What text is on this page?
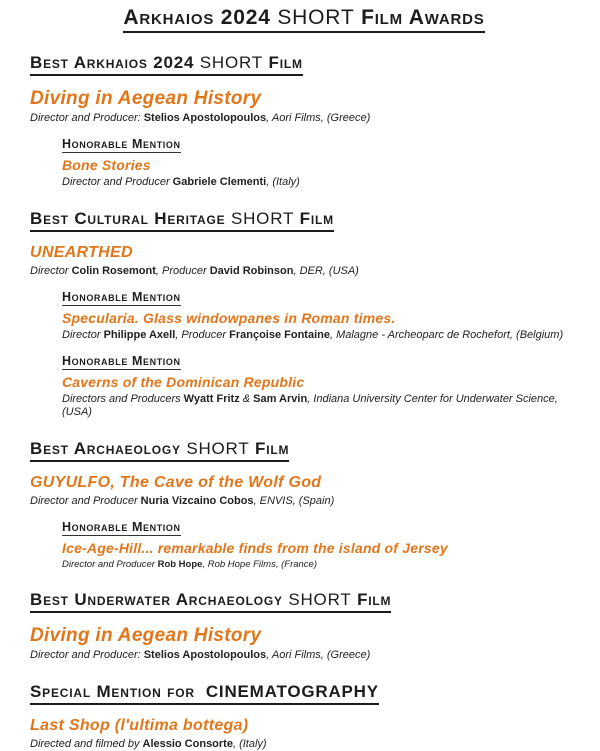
Arkhaios 2024 SHORT Film Awards
Best Arkhaios 2024 SHORT Film
Diving in Aegean History

Director and Producer: Stelios Apostolopoulos, Aori Films, (Greece)

Honorable Mention
Bone Stories

Director and Producer Gabriele Clementi, (Italy)

Best Cultural Heritage SHORT Film
UNEARTHED

Director Colin Rosemont, Producer David Robinson, DER, (USA)

Honorable Mention
Specularia. Glass windowpanes in Roman times.

Director Philippe Axell, Producer Françoise Fontaine, Malagne - Archeoparc de Rochefort, (Belgium)

Honorable Mention
Caverns of the Dominican Republic

Directors and Producers Wyatt Fritz & Sam Arvin, Indiana University Center for Underwater Science, (USA)

Best Archaeology SHORT Film
GUYULFO, The Cave of the Wolf God

Director and Producer Nuria Vizcaino Cobos, ENVIS, (Spain)

Honorable Mention
Ice-Age-Hill... remarkable finds from the island of Jersey

Director and Producer Rob Hope, Rob Hope Films, (France)

Best Underwater Archaeology SHORT Film
Diving in Aegean History

Director and Producer: Stelios Apostolopoulos, Aori Films, (Greece)

Special Mention for  CINEMATOGRAPHY
Last Shop (l'ultima bottega)

Directed and filmed by Alessio Consorte, (Italy)
